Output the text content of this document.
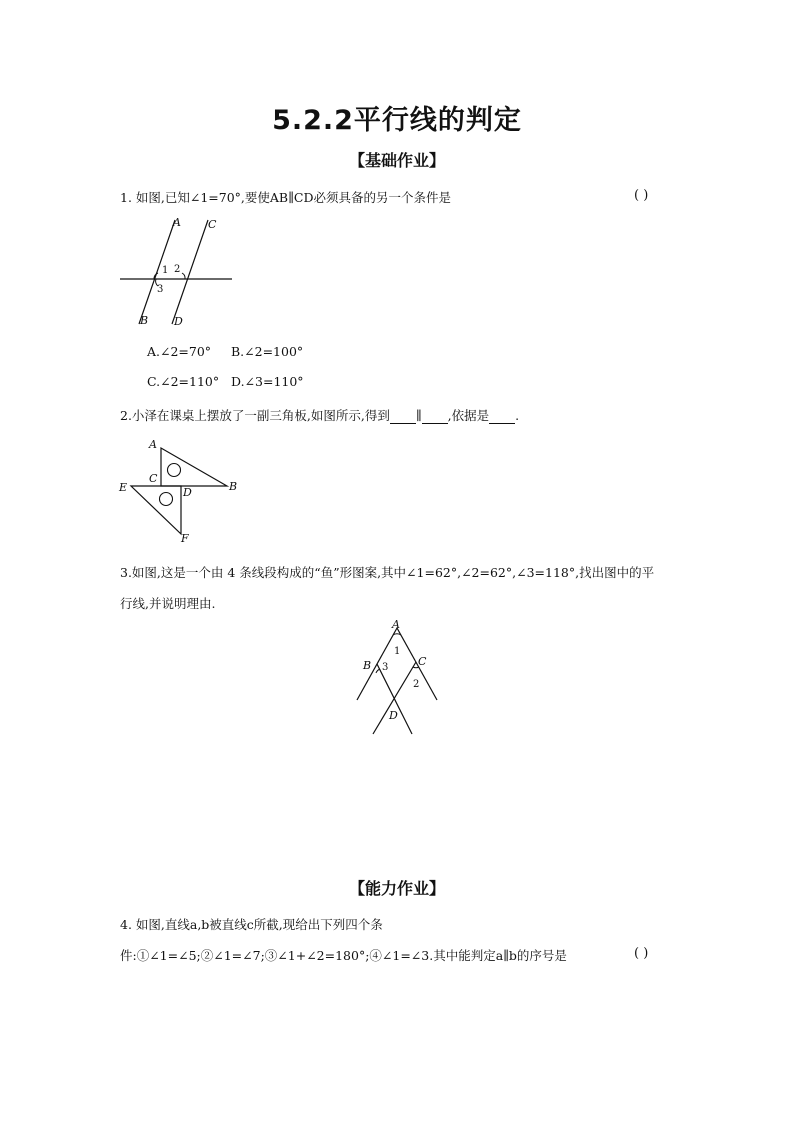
5.2.2平行线的判定
【基础作业】
1. 如图,已知∠1=70°,要使AB∥CD必须具备的另一个条件是	( )
A C
B D
1 2
3
A.∠2=70° B.∠2=100°
C.∠2=110° D.∠3=110°
2.小泽在课桌上摆放了一副三角板,如图所示,得到 ∥ ,依据是 .
A
C
E	D	B
F
3.如图,这是一个由 4 条线段构成的“鱼”形图案,其中∠1=62°,∠2=62°,∠3=118°,找出图中的平
行线,并说明理由.
A
B	C
D
1
2
3
【能力作业】
4. 如图,直线a,b被直线c所截,现给出下列四个条
件:①∠1=∠5;②∠1=∠7;③∠1+∠2=180°;④∠1=∠3.其中能判定a∥b的序号是	( )
